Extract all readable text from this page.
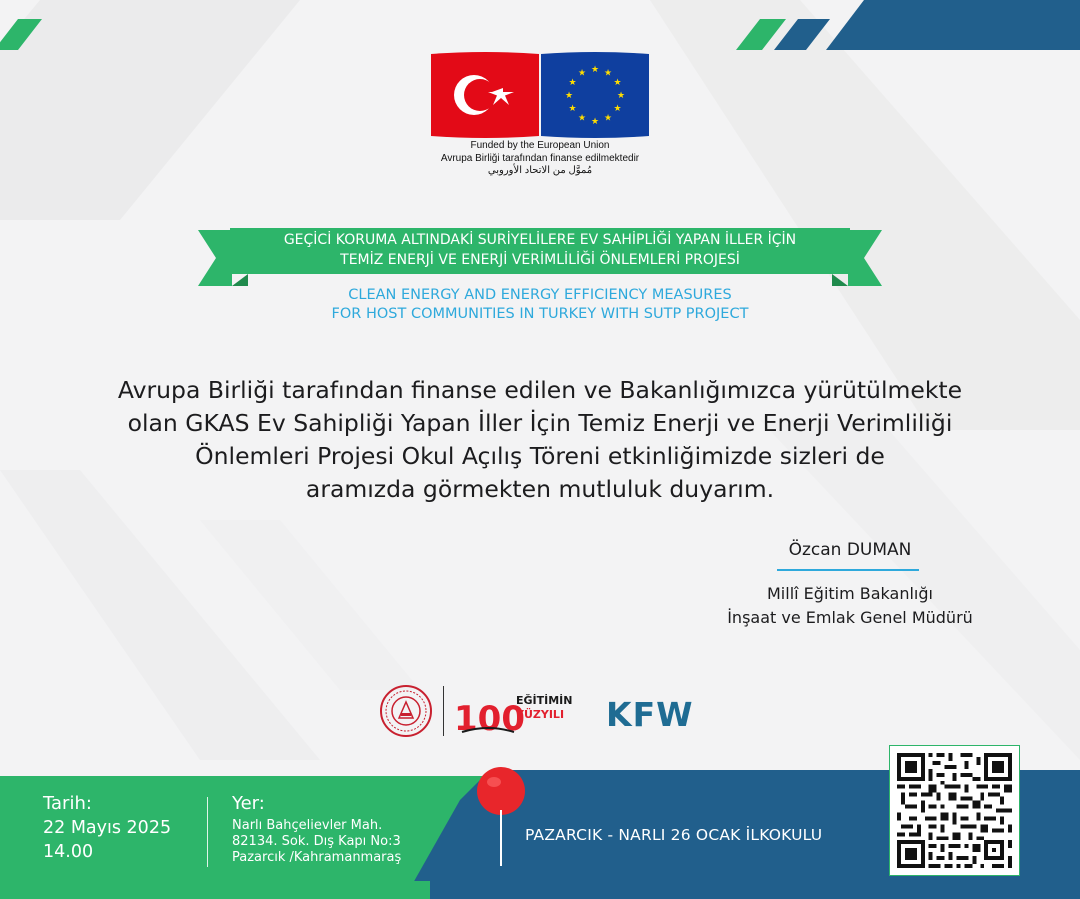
★ ★
★
★
★
★
★
★
★
★
★
★
Funded by the European Union
Avrupa Birliği tarafından finanse edilmektedir
مُموَّل من الاتحاد الأوروبي
GEÇİCİ KORUMA ALTINDAKİ SURİYELİLERE EV SAHİPLİĞİ YAPAN İLLER İÇİN
TEMİZ ENERJİ VE ENERJİ VERİMLİLİĞİ ÖNLEMLERİ PROJESİ
CLEAN ENERGY AND ENERGY EFFICIENCY MEASURES
FOR HOST COMMUNITIES IN TURKEY WITH SUTP PROJECT
Avrupa Birliği tarafından finanse edilen ve Bakanlığımızca yürütülmekte
olan GKAS Ev Sahipliği Yapan İller İçin Temiz Enerji ve Enerji Verimliliği
Önlemleri Projesi Okul Açılış Töreni etkinliğimizde sizleri de
aramızda görmekten mutluluk duyarım.
Özcan DUMAN
Millî Eğitim Bakanlığı
İnşaat ve Emlak Genel Müdürü
100
EĞİTİMİN
YÜZYILI KFW
Tarih:
22 Mayıs 2025
14.00
Yer:
Narlı Bahçelievler Mah.
82134. Sok. Dış Kapı No:3
Pazarcık /Kahramanmaraş
PAZARCIK - NARLI 26 OCAK İLKOKULU
